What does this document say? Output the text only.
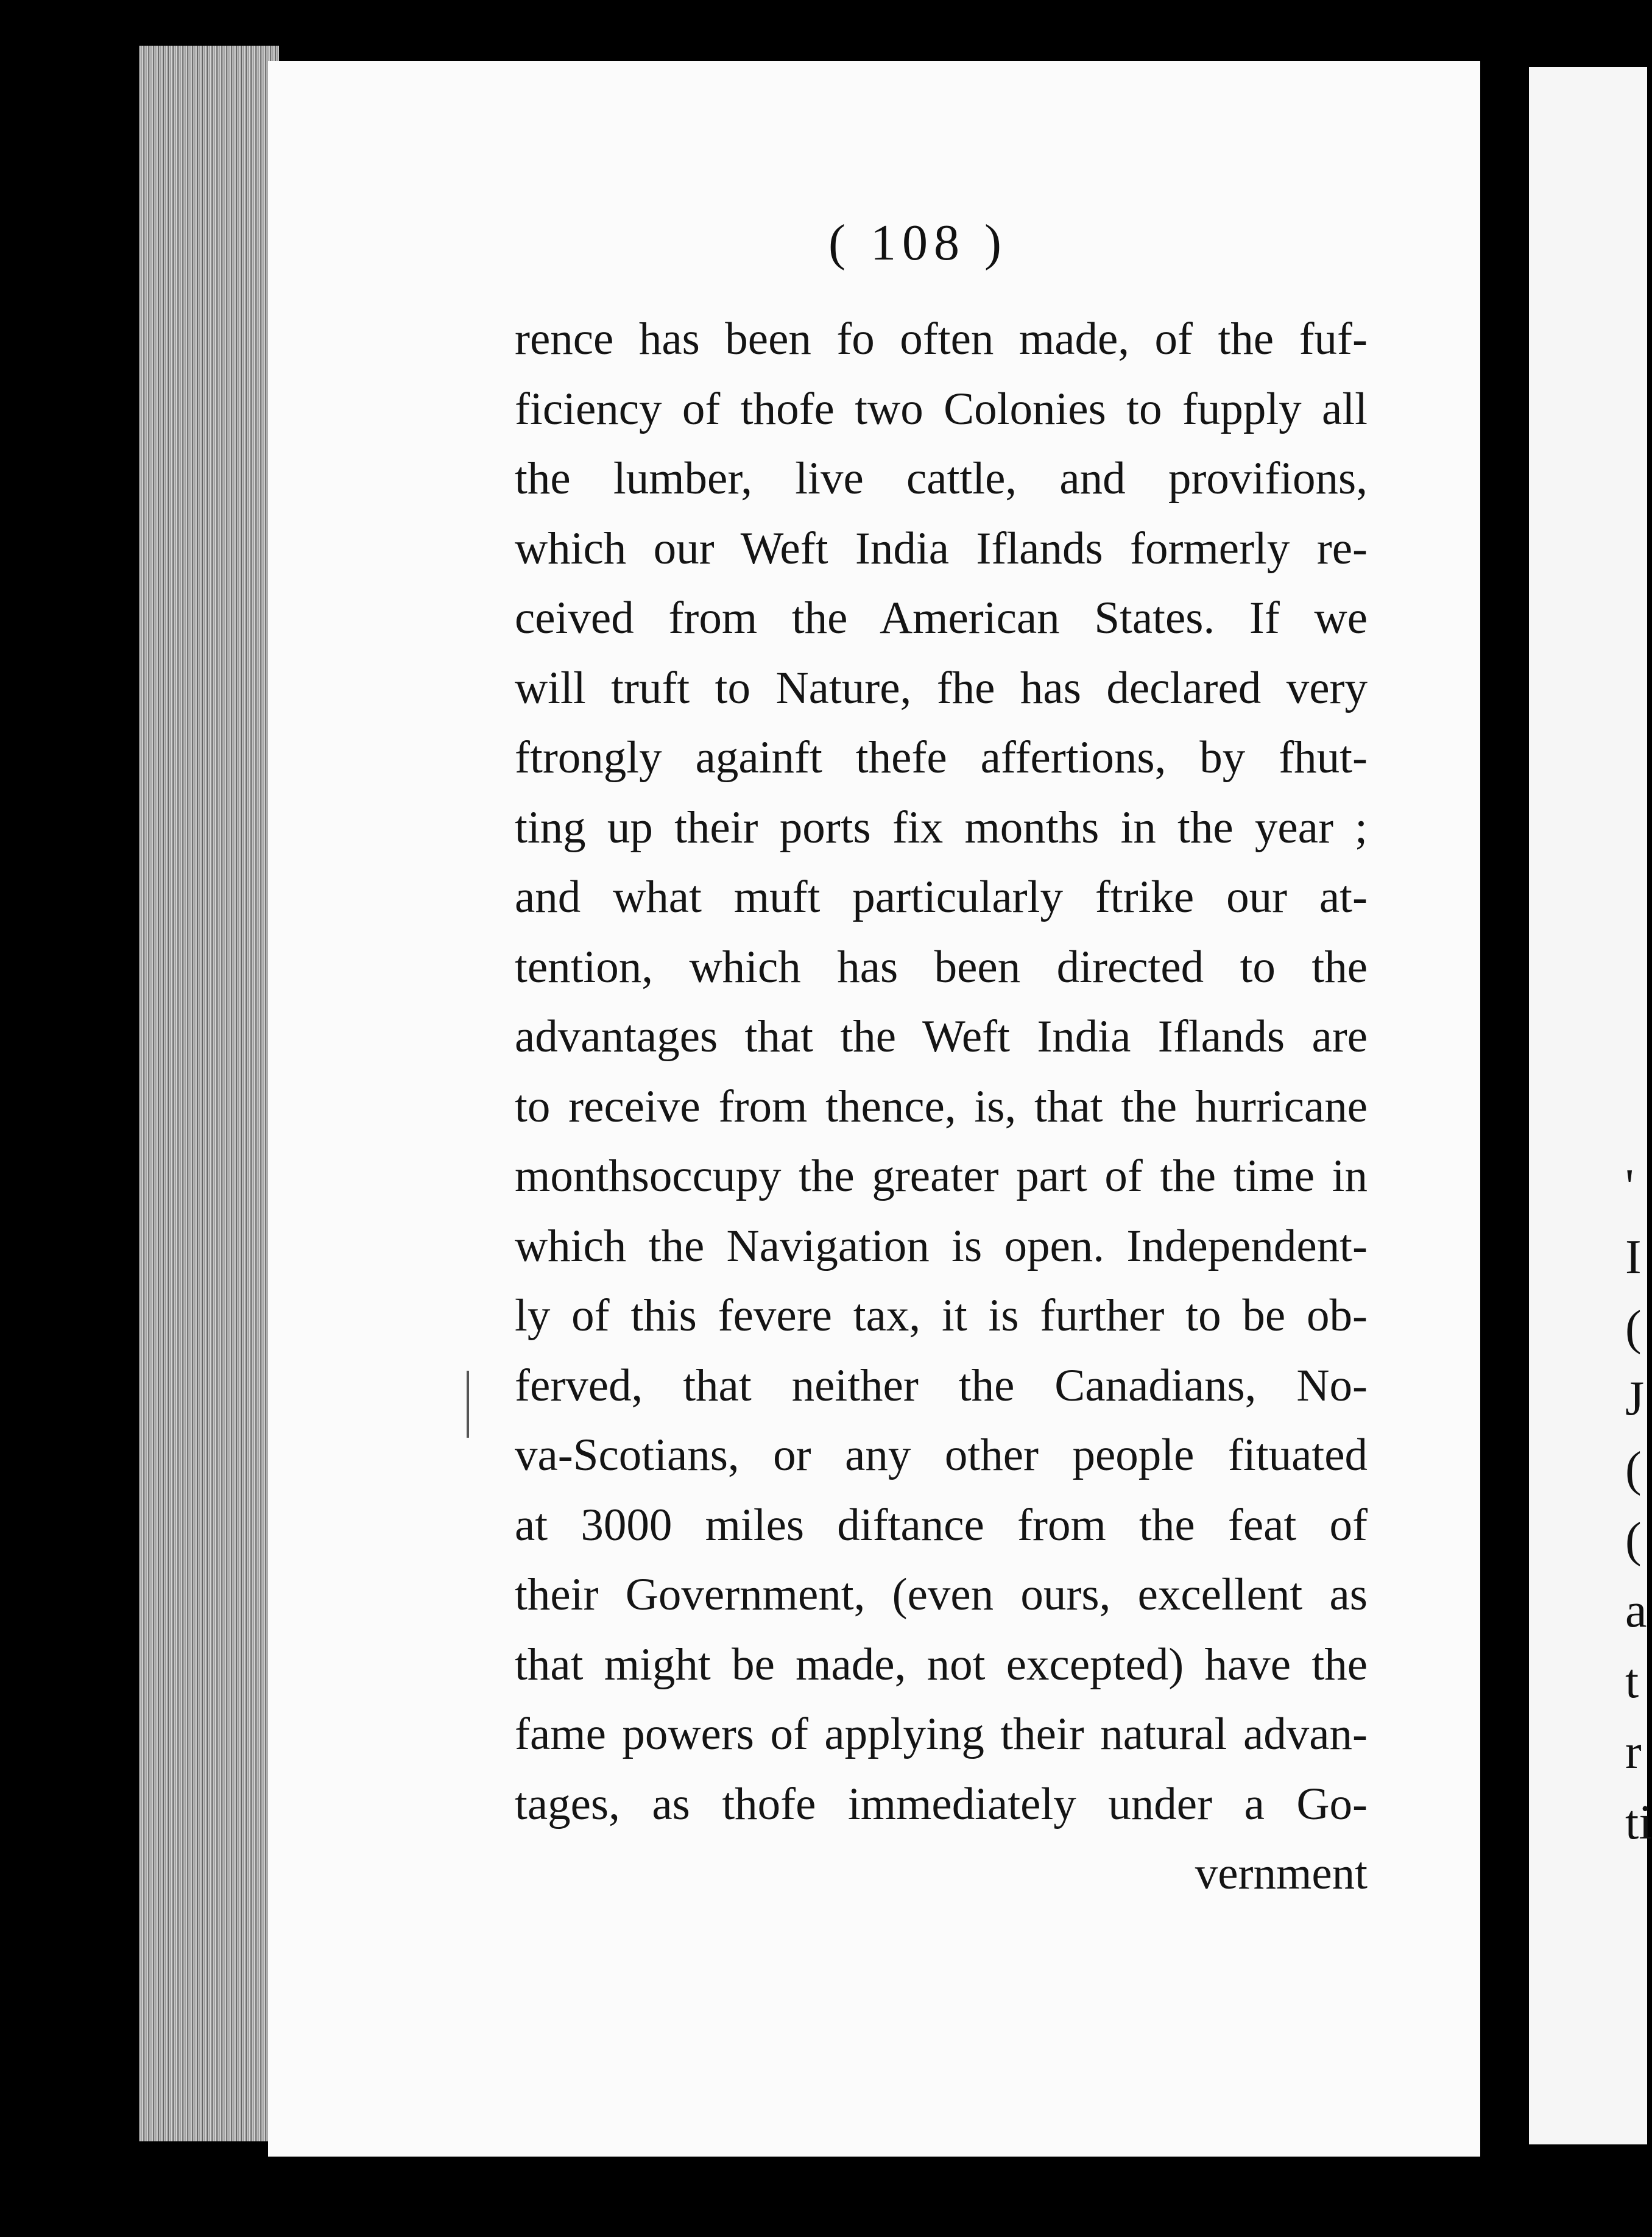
'
I
(
J
(
(
a
t
r
ti
( 108 )
rence has been fo often made, of the fuf-
ficiency of thofe two Colonies to fupply all
the lumber, live cattle, and provifions,
which our Weft India Iflands formerly re-
ceived from the American States. If we
will truft to Nature, fhe has declared very
ftrongly againft thefe affertions, by fhut-
ting up their ports fix months in the year ;
and what muft particularly ftrike our at-
tention, which has been directed to the
advantages that the Weft India Iflands are
to receive from thence, is, that the hurricane
monthsoccupy the greater part of the time in
which the Navigation is open. Independent-
ly of this fevere tax, it is further to be ob-
ferved, that neither the Canadians, No-
va-Scotians, or any other people fituated
at 3000 miles diftance from the feat of
their Government, (even ours, excellent as
that might be made, not excepted) have the
fame powers of applying their natural advan-
tages, as thofe immediately under a Go-
vernment
